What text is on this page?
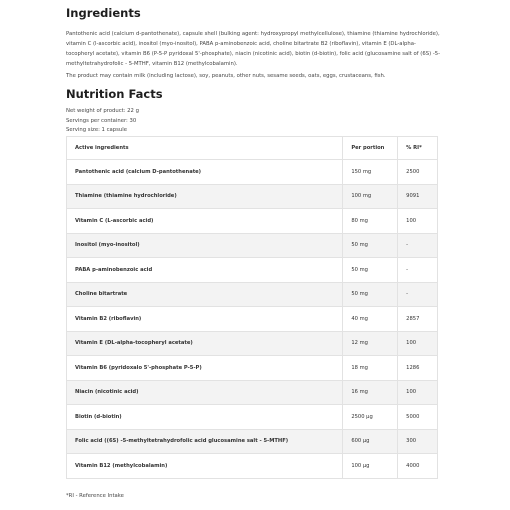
Ingredients
Pantothenic acid (calcium d-pantothenate), capsule shell (bulking agent: hydroxypropyl methylcellulose), thiamine (thiamine hydrochloride), vitamin C (l-ascorbic acid), inositol (myo-inositol), PABA p-aminobenzoic acid, choline bitartrate B2 (riboflavin), vitamin E (DL-alpha-tocopheryl acetate), vitamin B6 (P-5-P pyridoxal 5'-phosphate), niacin (nicotinic acid), biotin (d-biotin), folic acid (glucosamine salt of (6S) -5-methyltetrahydrofolic - 5-MTHF, vitamin B12 (methylcobalamin).
The product may contain milk (including lactose), soy, peanuts, other nuts, sesame seeds, oats, eggs, crustaceans, fish.
Nutrition Facts
Net weight of product: 22 g
Servings per container: 30
Serving size: 1 capsule
Active ingredients	Per portion	% RI*
Pantothenic acid (calcium D-pantothenate)	150 mg	2500
Thiamine (thiamine hydrochloride)	100 mg	9091
Vitamin C (L-ascorbic acid)	80 mg	100
Inositol (myo-inositol)	50 mg	-
PABA p-aminobenzoic acid	50 mg	-
Choline bitartrate	50 mg	-
Vitamin B2 (riboflavin)	40 mg	2857
Vitamin E (DL-alpha-tocopheryl acetate)	12 mg	100
Vitamin B6 (pyridoxalo 5'-phosphate P-5-P)	18 mg	1286
Niacin (nicotinic acid)	16 mg	100
Biotin (d-biotin)	2500 µg	5000
Folic acid ((6S) -5-methyltetrahydrofolic acid glucosamine salt - 5-MTHF)	600 µg	300
Vitamin B12 (methylcobalamin)	100 µg	4000
*RI - Reference Intake
